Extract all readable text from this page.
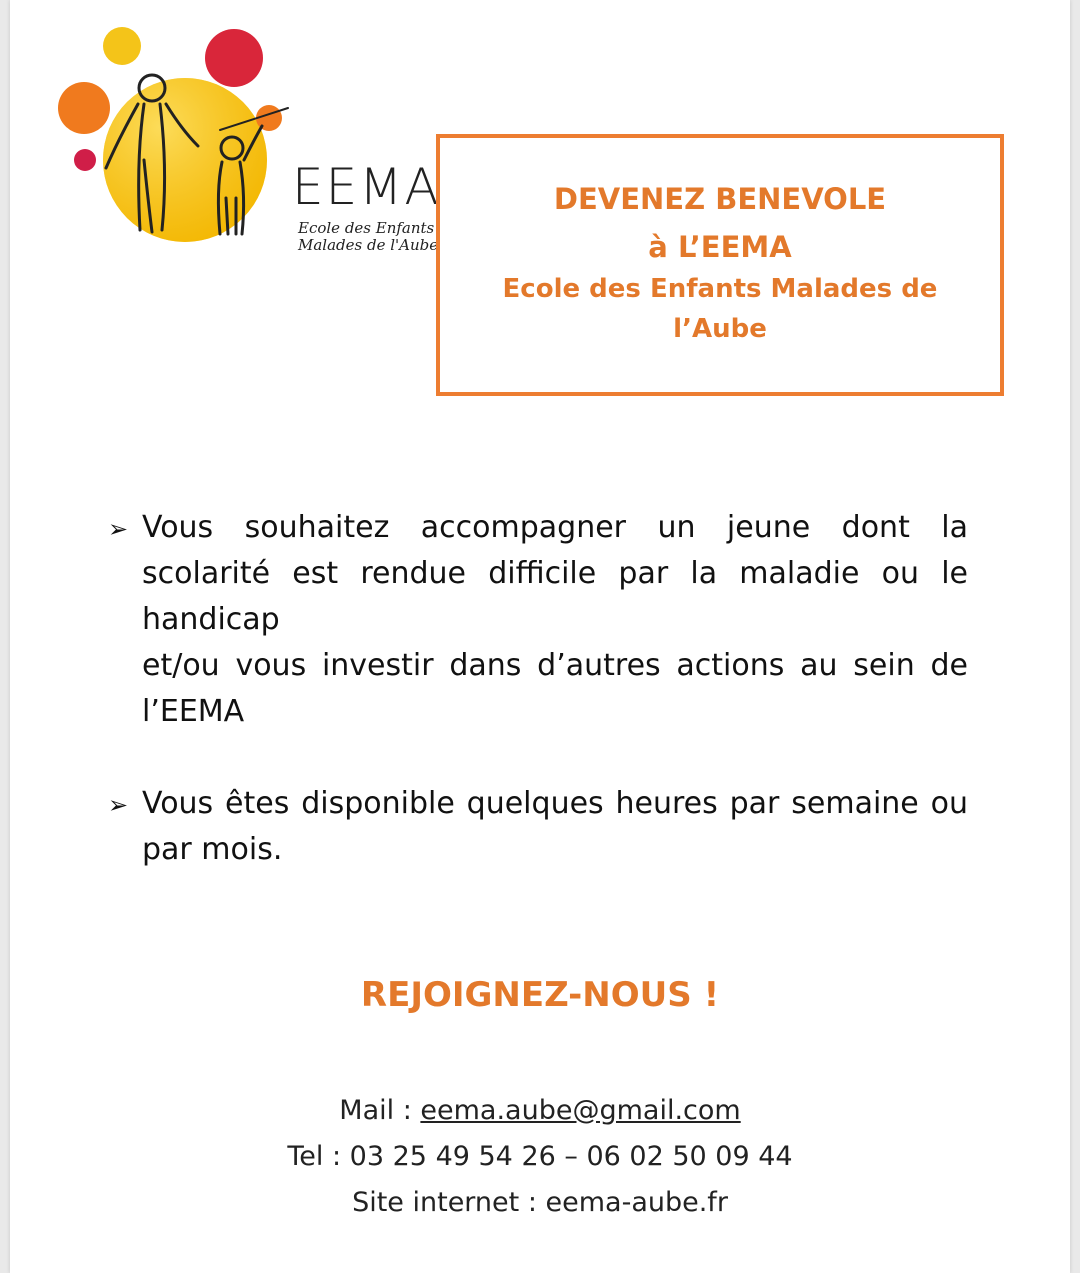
EEMA
Ecole des Enfants
Malades de l'Aube
DEVENEZ BENEVOLE
à L’EEMA
Ecole des Enfants Malades de
l’Aube
➢ Vous souhaitez accompagner un jeune dont la
scolarité est rendue difficile par la maladie ou le
handicap
et/ou vous investir dans d’autres actions au sein de
l’EEMA
➢ Vous êtes disponible quelques heures par semaine ou
par mois.
REJOIGNEZ-NOUS !
Mail : eema.aube@gmail.com
Tel : 03 25 49 54 26 – 06 02 50 09 44
Site internet : eema-aube.fr
